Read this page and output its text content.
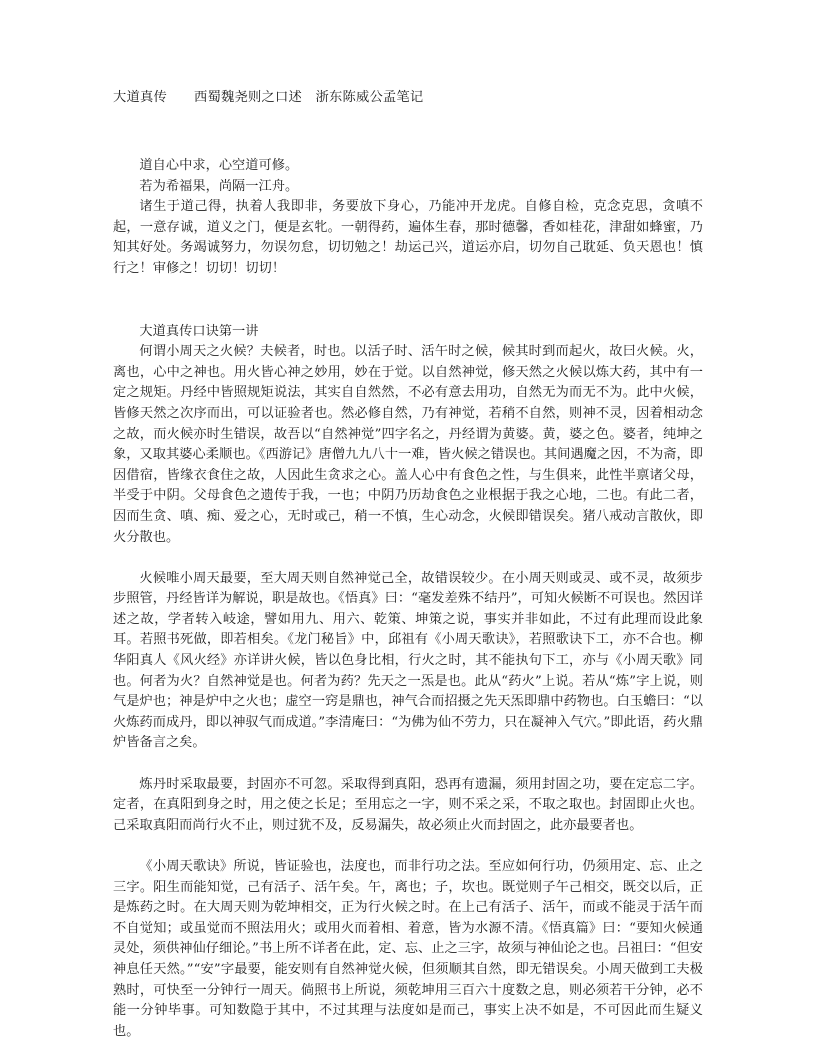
大道真传　　西蜀魏尧则之口述　浙东陈威公孟笔记

道自心中求，心空道可修。

若为希福果，尚隔一江舟。

诸生于道己得，执着人我即非，务要放下身心，乃能冲开龙虎。自修自检，克念克思，贪嗔不起，一意存诚，道义之门，便是玄牝。一朝得药，遍体生春，那时德馨，香如桂花，津甜如蜂蜜，乃知其好处。务竭诚努力，勿误勿怠，切切勉之！劫运己兴，道运亦启，切勿自己耽延、负天恩也！慎行之！审修之！切切！切切！

大道真传口诀第一讲

何谓小周天之火候？夫候者，时也。以活子时、活午时之候，候其时到而起火，故曰火候。火，离也，心中之神也。用火皆心神之妙用，妙在于觉。以自然神觉，修天然之火候以炼大药，其中有一定之规矩。丹经中皆照规矩说法，其实自自然然，不必有意去用功，自然无为而无不为。此中火候，皆修天然之次序而出，可以证验者也。然必修自然，乃有神觉，若稍不自然，则神不灵，因着相动念之故，而火候亦时生错误，故吾以“自然神觉”四字名之，丹经谓为黄婆。黄，婆之色。婆者，纯坤之象，又取其婆心柔顺也。《西游记》唐僧九九八十一难，皆火候之错误也。其间遇魔之因，不为斋，即因借宿，皆缘衣食住之故，人因此生贪求之心。盖人心中有食色之性，与生俱来，此性半禀诸父母，半受于中阴。父母食色之遗传于我，一也；中阴乃历劫食色之业根据于我之心地，二也。有此二者，因而生贪、嗔、痴、爱之心，无时或己，稍一不慎，生心动念，火候即错误矣。猪八戒动言散伙，即火分散也。

火候唯小周天最要，至大周天则自然神觉己全，故错误较少。在小周天则或灵、或不灵，故须步步照管，丹经皆详为解说，职是故也。《悟真》曰：“毫发差殊不结丹”，可知火候断不可误也。然因详述之故，学者转入岐途，譬如用九、用六、乾策、坤策之说，事实并非如此，不过有此理而设此象耳。若照书死做，即若相矣。《龙门秘旨》中，邱祖有《小周天歌诀》，若照歌诀下工，亦不合也。柳华阳真人《风火经》亦详讲火候，皆以色身比相，行火之时，其不能执句下工，亦与《小周天歌》同也。何者为火？自然神觉是也。何者为药？先天之一炁是也。此从“药火”上说。若从“炼”字上说，则气是炉也；神是炉中之火也；虚空一窍是鼎也，神气合而招摄之先天炁即鼎中药物也。白玉蟾曰：“以火炼药而成丹，即以神驭气而成道。”李清庵曰：“为佛为仙不劳力，只在凝神入气穴。”即此语，药火鼎炉皆备言之矣。

炼丹时采取最要，封固亦不可忽。采取得到真阳，恐再有遗漏，须用封固之功，要在定忘二字。定者，在真阳到身之时，用之使之长足；至用忘之一字，则不采之采，不取之取也。封固即止火也。己采取真阳而尚行火不止，则过犹不及，反易漏失，故必须止火而封固之，此亦最要者也。

《小周天歌诀》所说，皆证验也，法度也，而非行功之法。至应如何行功，仍须用定、忘、止之三字。阳生而能知觉，己有活子、活午矣。午，离也；子，坎也。既觉则子午己相交，既交以后，正是炼药之时。在大周天则为乾坤相交，正为行火候之时。在上己有活子、活午，而或不能灵于活午而不自觉知；或虽觉而不照法用火；或用火而着相、着意，皆为水源不清。《悟真篇》曰：“要知火候通灵处，须供神仙仔细论。”书上所不详者在此，定、忘、止之三字，故须与神仙论之也。吕祖曰：“但安神息任天然。”“安”字最要，能安则有自然神觉火候，但须顺其自然，即无错误矣。小周天做到工夫极熟时，可快至一分钟行一周天。倘照书上所说，须乾坤用三百六十度数之息，则必须若干分钟，必不能一分钟毕事。可知数隐于其中，不过其理与法度如是而己，事实上决不如是，不可因此而生疑义也。
